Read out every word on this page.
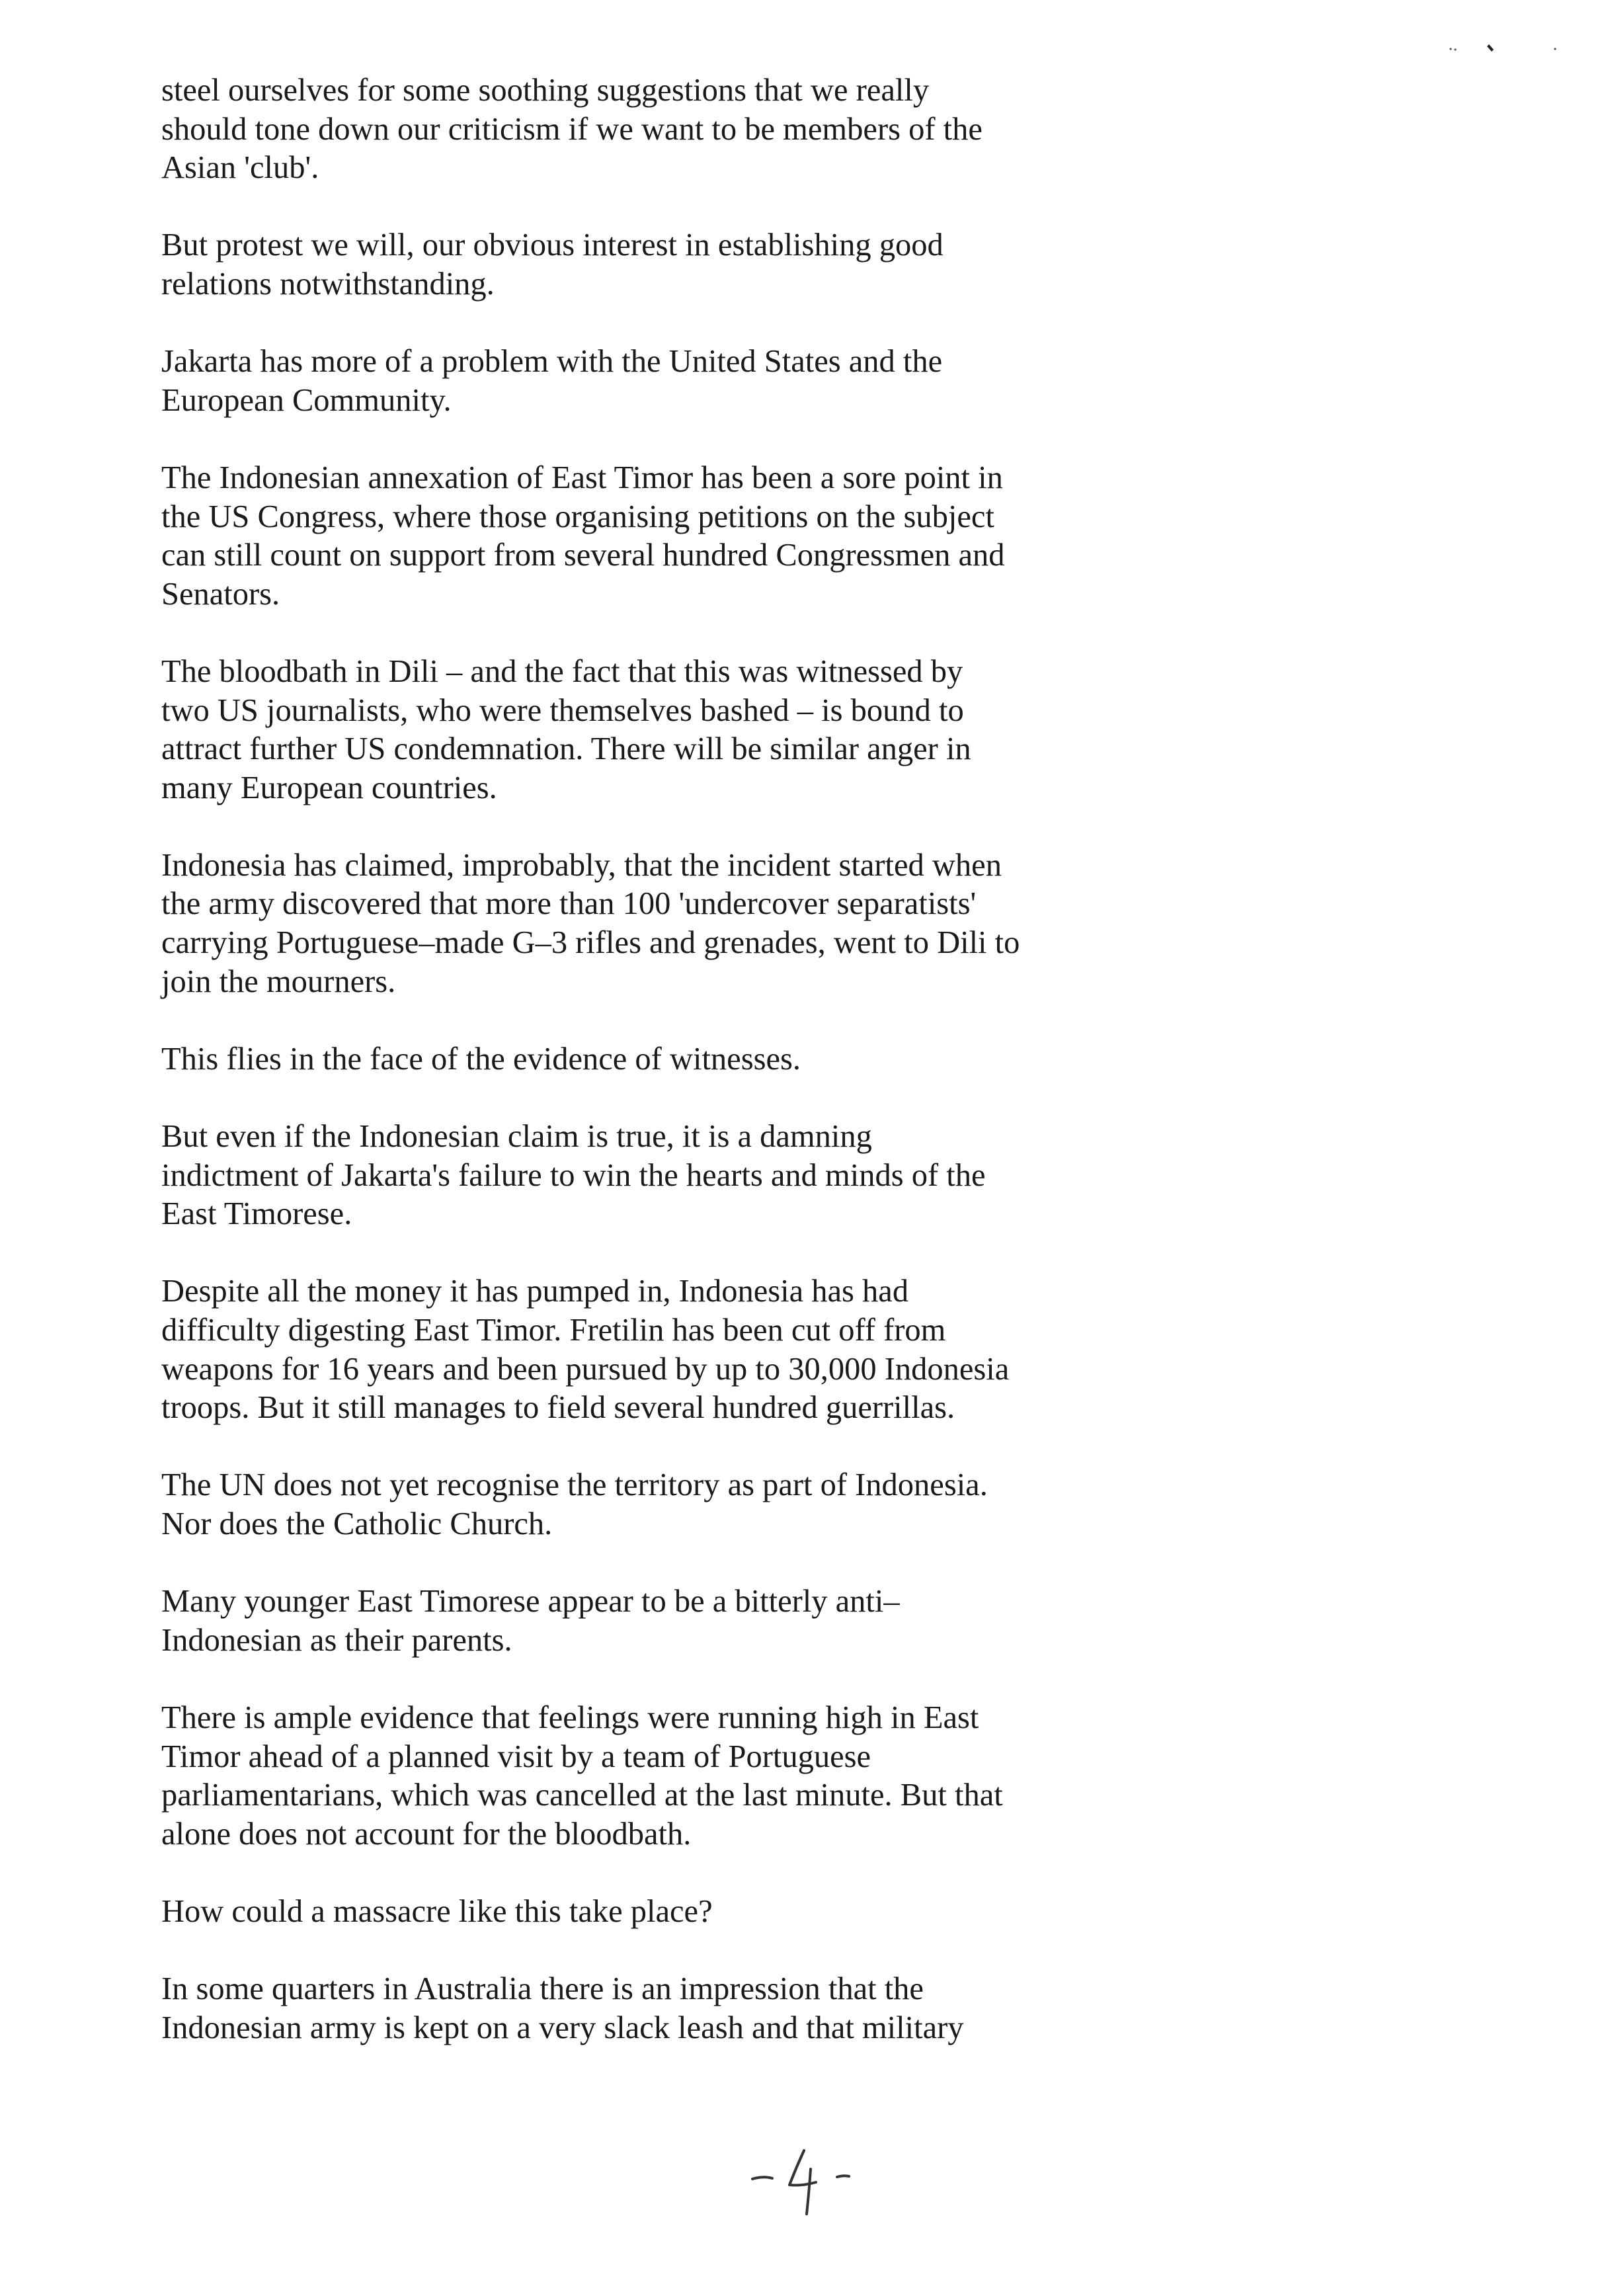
steel ourselves for some soothing suggestions that we really
should tone down our criticism if we want to be members of the
Asian 'club'.

But protest we will, our obvious interest in establishing good
relations notwithstanding.

Jakarta has more of a problem with the United States and the
European Community.

The Indonesian annexation of East Timor has been a sore point in
the US Congress, where those organising petitions on the subject
can still count on support from several hundred Congressmen and
Senators.

The bloodbath in Dili – and the fact that this was witnessed by
two US journalists, who were themselves bashed – is bound to
attract further US condemnation. There will be similar anger in
many European countries.

Indonesia has claimed, improbably, that the incident started when
the army discovered that more than 100 'undercover separatists'
carrying Portuguese–made G–3 rifles and grenades, went to Dili to
join the mourners.

This flies in the face of the evidence of witnesses.

But even if the Indonesian claim is true, it is a damning
indictment of Jakarta's failure to win the hearts and minds of the
East Timorese.

Despite all the money it has pumped in, Indonesia has had
difficulty digesting East Timor. Fretilin has been cut off from
weapons for 16 years and been pursued by up to 30,000 Indonesia
troops. But it still manages to field several hundred guerrillas.

The UN does not yet recognise the territory as part of Indonesia.
Nor does the Catholic Church.

Many younger East Timorese appear to be a bitterly anti–
Indonesian as their parents.

There is ample evidence that feelings were running high in East
Timor ahead of a planned visit by a team of Portuguese
parliamentarians, which was cancelled at the last minute. But that
alone does not account for the bloodbath.

How could a massacre like this take place?

In some quarters in Australia there is an impression that the
Indonesian army is kept on a very slack leash and that military
